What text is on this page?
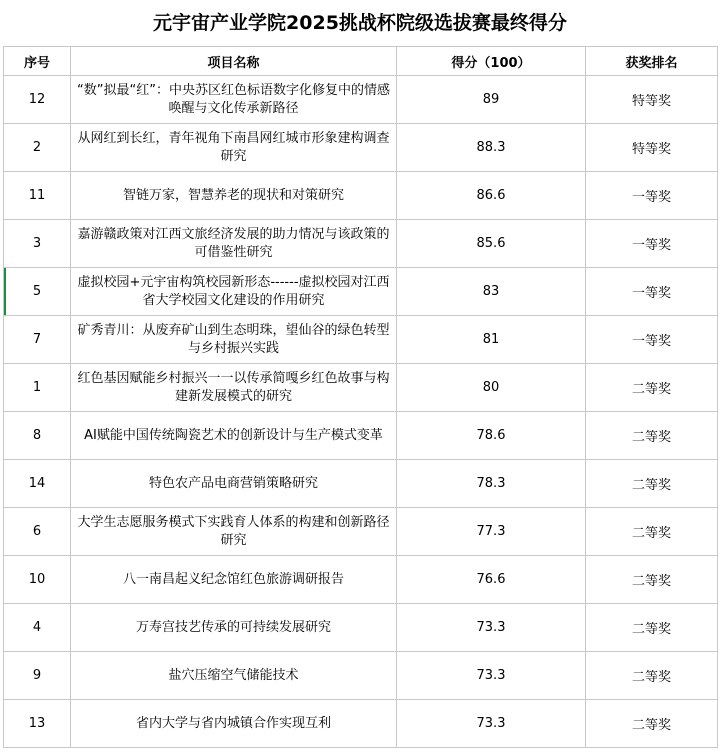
元宇宙产业学院2025挑战杯院级选拔赛最终得分
序号	项目名称	得分（100）	获奖排名
12	“数”拟最“红”：中央苏区红色标语数字化修复中的情感唤醒与文化传承新路径	89	特等奖
2	从网红到长红，青年视角下南昌网红城市形象建构调查研究	88.3	特等奖
11	智链万家，智慧养老的现状和对策研究	86.6	一等奖
3	嘉游赣政策对江西文旅经济发展的助力情况与该政策的可借鉴性研究	85.6	一等奖
5	虚拟校园+元宇宙构筑校园新形态------虚拟校园对江西省大学校园文化建设的作用研究	83	一等奖
7	矿秀青川：从废弃矿山到生态明珠，望仙谷的绿色转型与乡村振兴实践	81	一等奖
1	红色基因赋能乡村振兴一一以传承简嘎乡红色故事与构建新发展模式的研究	80	二等奖
8	AI赋能中国传统陶瓷艺术的创新设计与生产模式变革	78.6	二等奖
14	特色农产品电商营销策略研究	78.3	二等奖
6	大学生志愿服务模式下实践育人体系的构建和创新路径研究	77.3	二等奖
10	八一南昌起义纪念馆红色旅游调研报告	76.6	二等奖
4	万寿宫技艺传承的可持续发展研究	73.3	二等奖
9	盐穴压缩空气储能技术	73.3	二等奖
13	省内大学与省内城镇合作实现互利	73.3	二等奖
